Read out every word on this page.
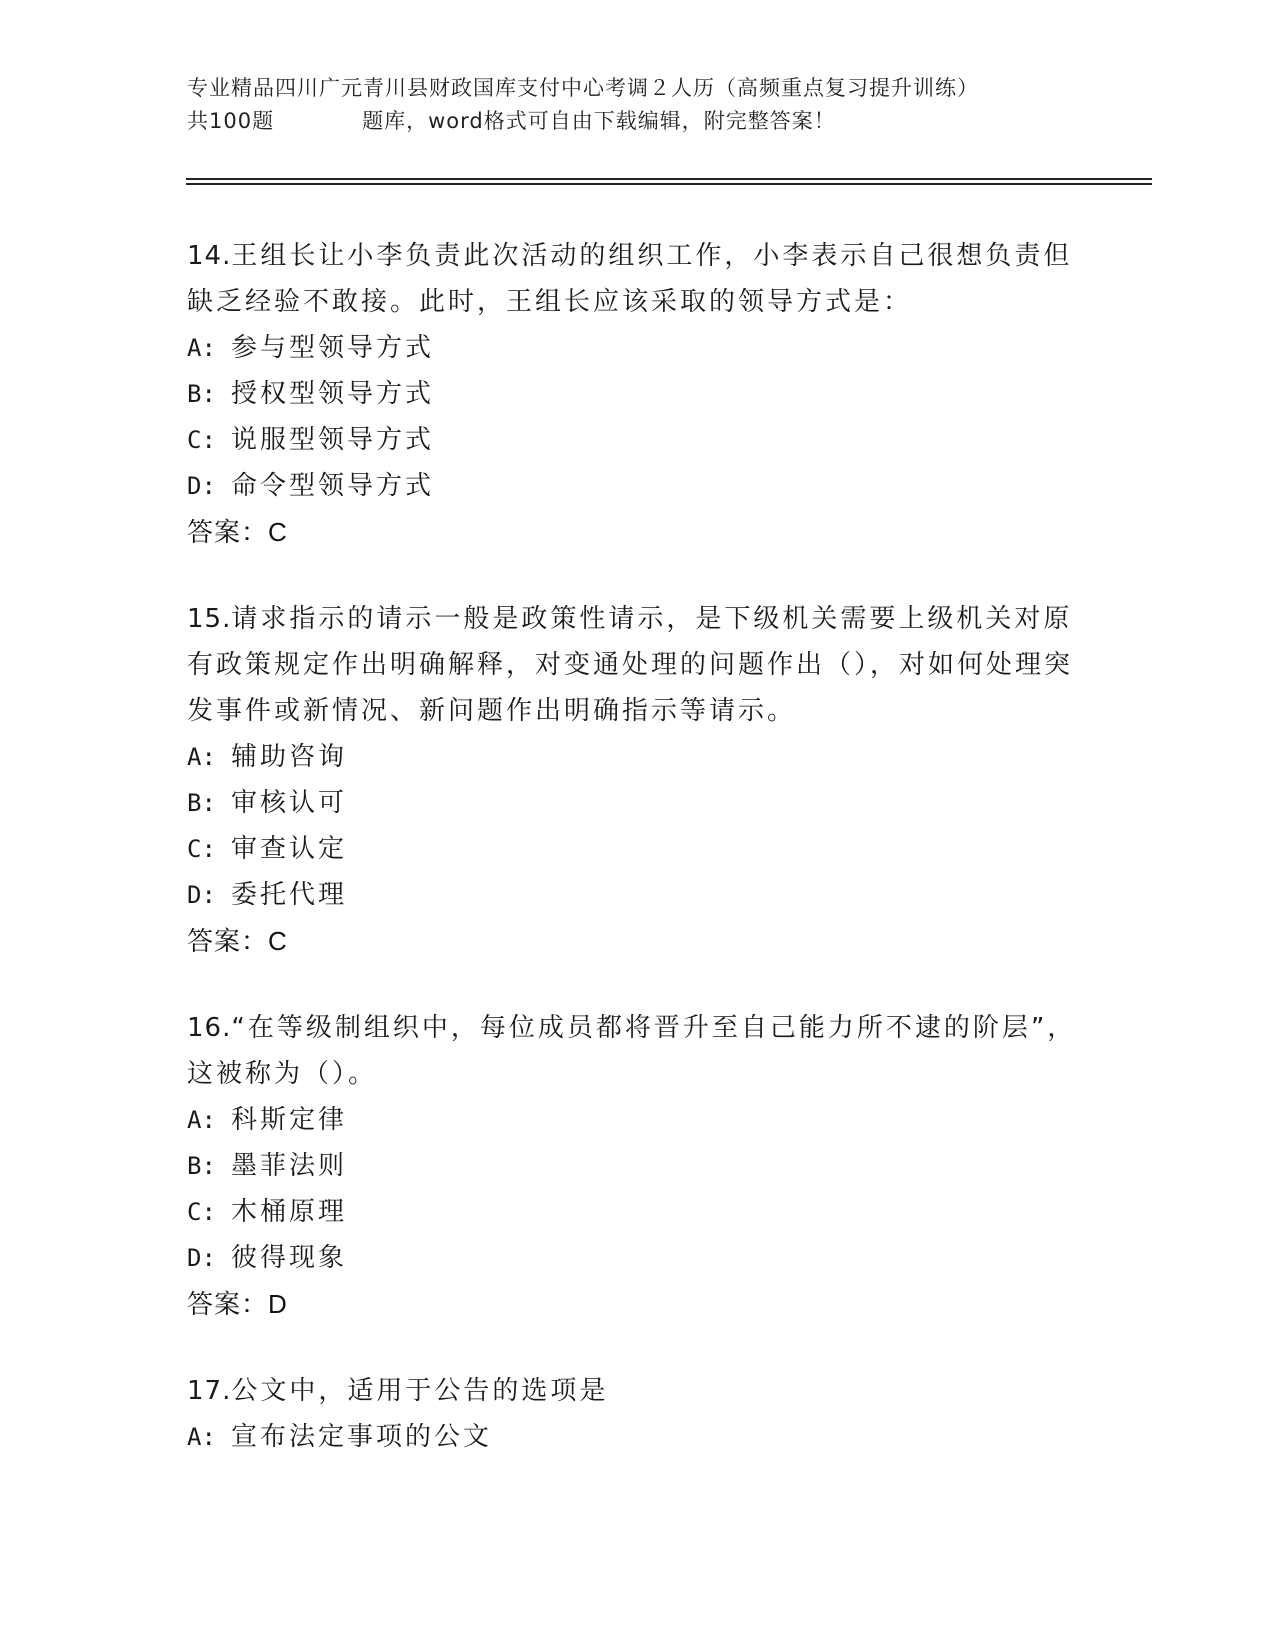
专业精品四川广元青川县财政国库支付中心考调２人历（高频重点复习提升训练）
共100题	题库，word格式可自由下载编辑，附完整答案！
14.王组长让小李负责此次活动的组织工作，小李表示自己很想负责但缺乏经验不敢接。此时，王组长应该采取的领导方式是：
A: 参与型领导方式
B: 授权型领导方式
C: 说服型领导方式
D: 命令型领导方式
答案：C
15.请求指示的请示一般是政策性请示，是下级机关需要上级机关对原有政策规定作出明确解释，对变通处理的问题作出（），对如何处理突发事件或新情况、新问题作出明确指示等请示。
A: 辅助咨询
B: 审核认可
C: 审查认定
D: 委托代理
答案：C
16.“在等级制组织中，每位成员都将晋升至自己能力所不逮的阶层”，这被称为（）。
A: 科斯定律
B: 墨菲法则
C: 木桶原理
D: 彼得现象
答案：D
17.公文中，适用于公告的选项是
A: 宣布法定事项的公文
